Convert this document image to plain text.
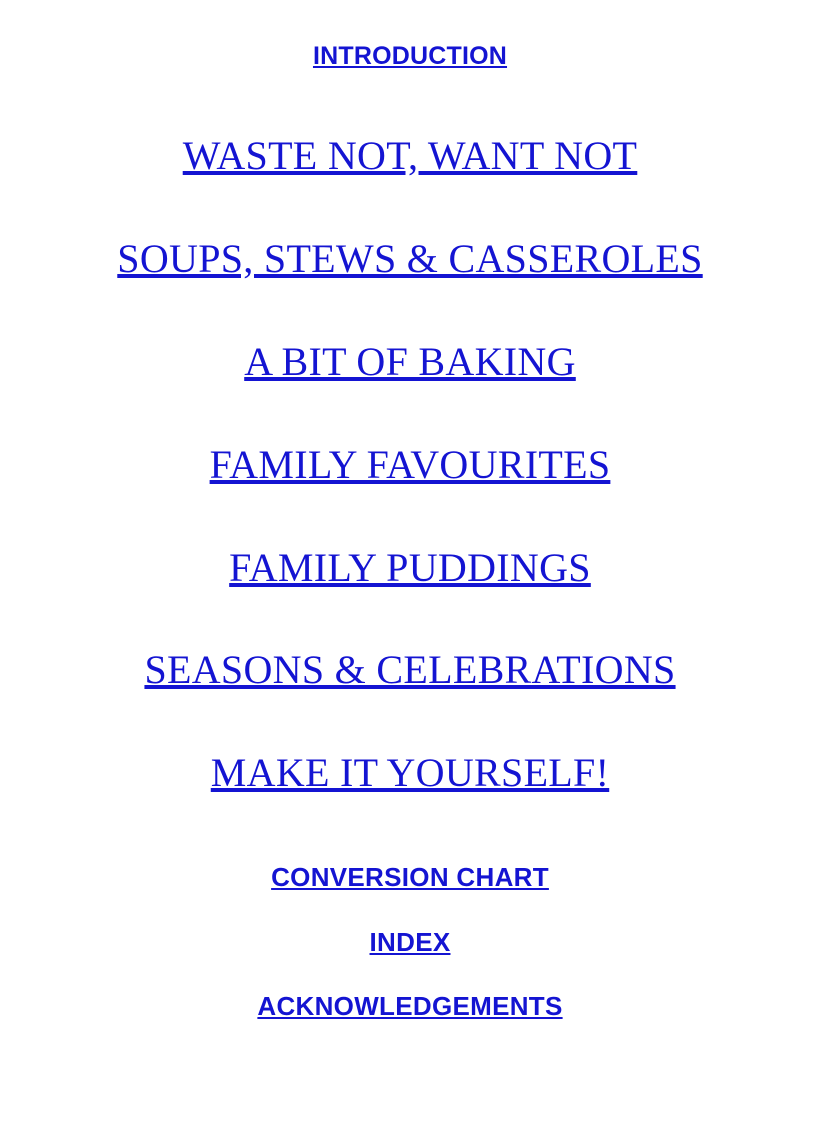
INTRODUCTION
WASTE NOT, WANT NOT
SOUPS, STEWS & CASSEROLES
A BIT OF BAKING
FAMILY FAVOURITES
FAMILY PUDDINGS
SEASONS & CELEBRATIONS
MAKE IT YOURSELF!
CONVERSION CHART
INDEX
ACKNOWLEDGEMENTS
